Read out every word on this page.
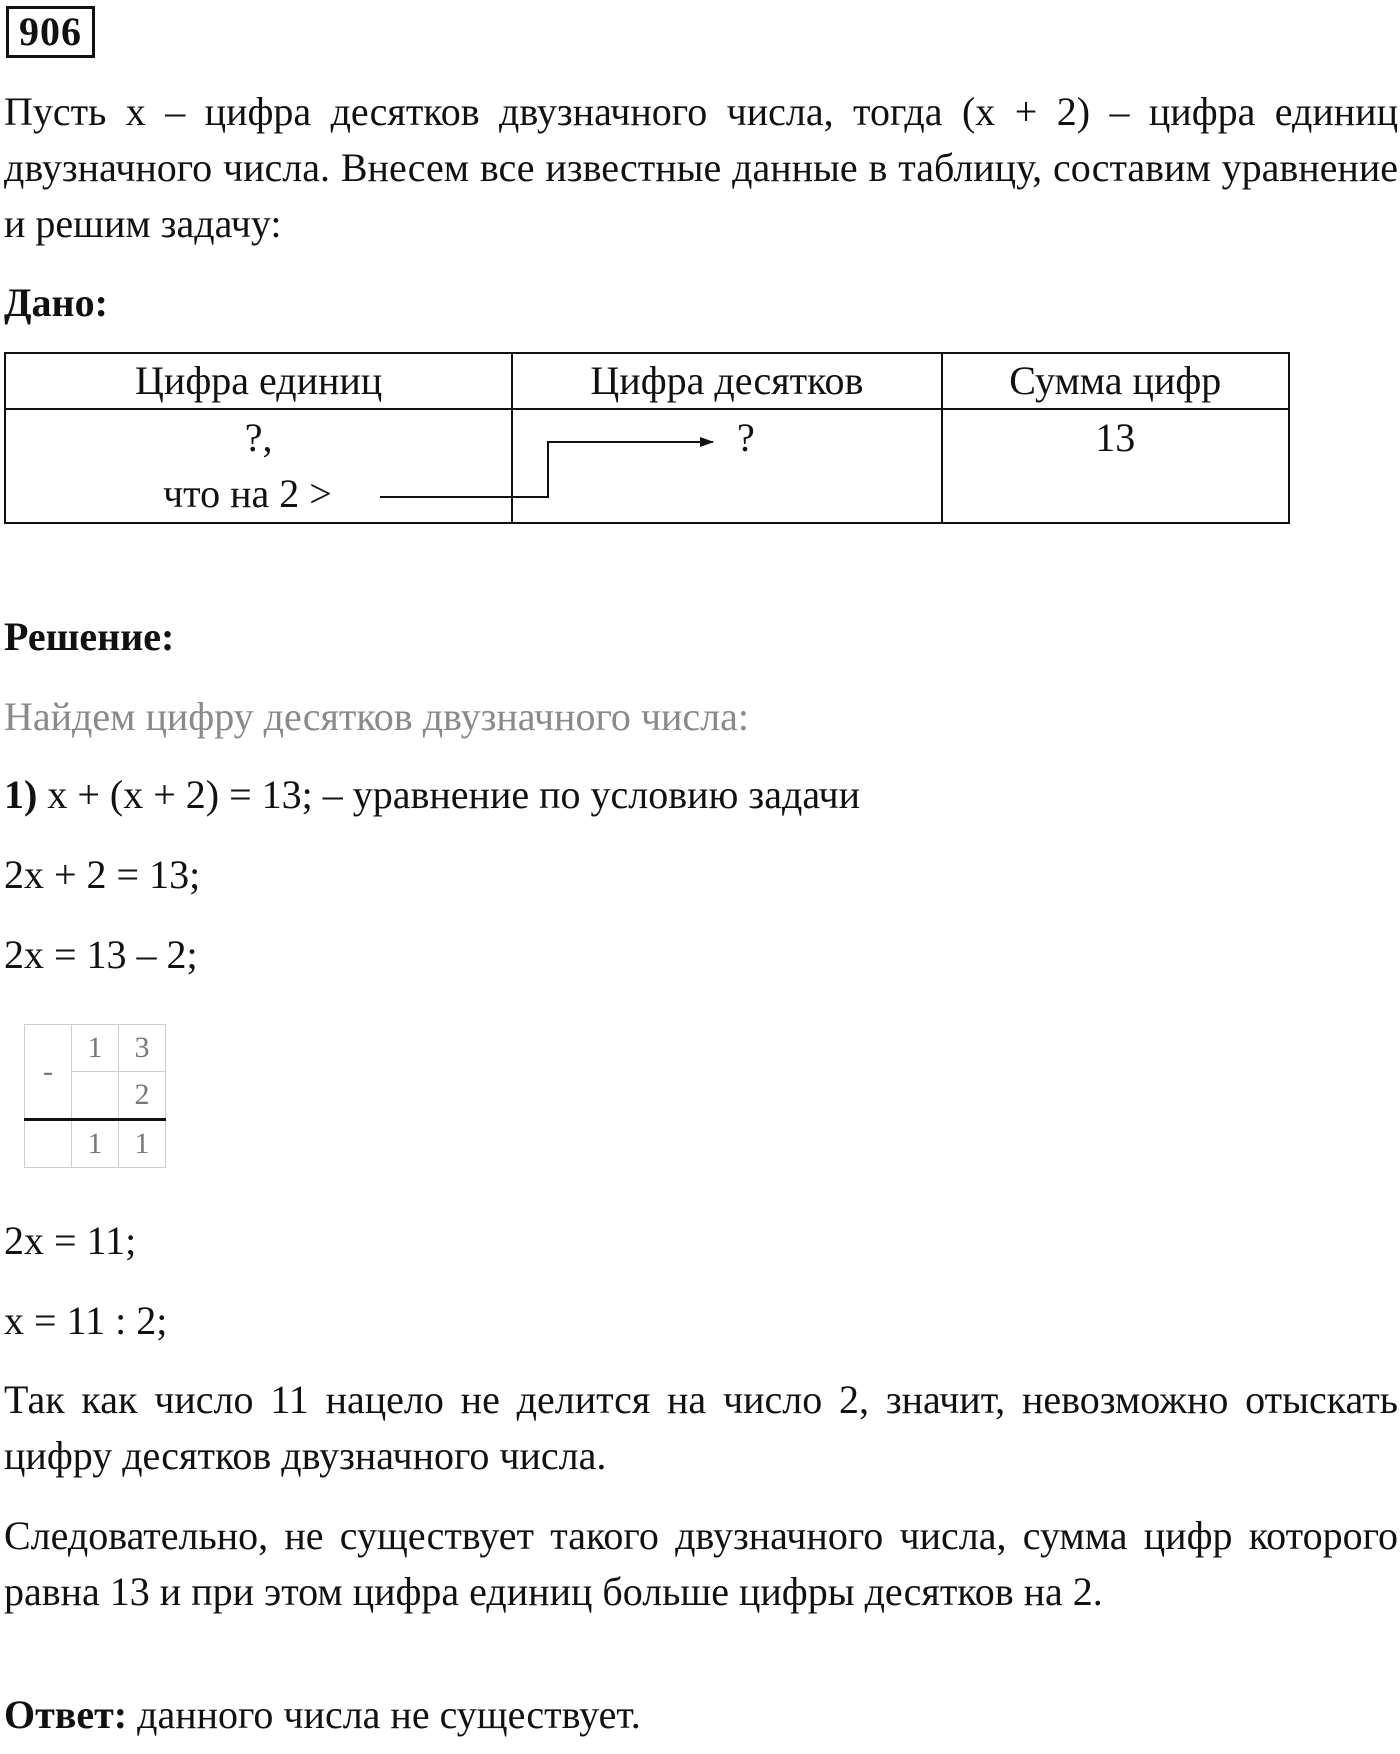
906
Пусть x – цифра десятков двузначного числа, тогда (x + 2) – цифра единиц двузначного числа. Внесем все известные данные в таблицу, составим уравнение и решим задачу:
Дано:
Цифра единиц	Цифра десятков	Сумма цифр

?,
что на 2 >	?	13
Решение:
Найдем цифру десятков двузначного числа:
1) x + (x + 2) = 13; – уравнение по условию задачи
2x + 2 = 13;
2x = 13 – 2;
-	1	3
		2
	1	1
2x = 11;
x = 11 : 2;
Так как число 11 нацело не делится на число 2, значит, невозможно отыскать цифру десятков двузначного числа.
Следовательно, не существует такого двузначного числа, сумма цифр которого равна 13 и при этом цифра единиц больше цифры десятков на 2.
Ответ: данного числа не существует.
